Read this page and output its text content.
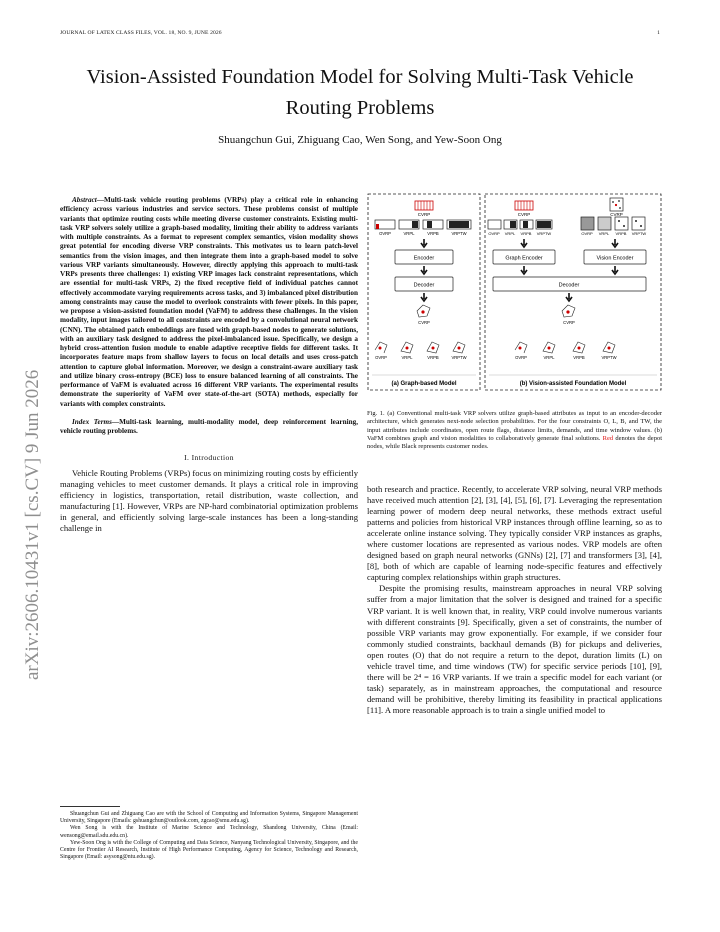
JOURNAL OF LATEX CLASS FILES, VOL. 18, NO. 9, JUNE 2026	1
Vision-Assisted Foundation Model for Solving Multi-Task Vehicle Routing Problems
Shuangchun Gui, Zhiguang Cao, Wen Song, and Yew-Soon Ong
arXiv:2606.10431v1 [cs.CV] 9 Jun 2026

Abstract—Multi-task vehicle routing problems (VRPs) play a critical role in enhancing efficiency across various industries and service sectors. These problems consist of multiple variants that optimize routing costs while meeting diverse customer constraints. Existing multi-task VRP solvers solely utilize a graph-based modality, limiting their ability to address variants with multiple constraints. As a format to represent complex semantics, vision modality shows great potential for encoding diverse VRP constraints. This motivates us to learn patch-level semantics from the vision images, and then integrate them into a graph-based model to solve various VRP variants simultaneously. However, directly applying this approach to multi-task VRPs presents three challenges: 1) existing VRP images lack constraint representations, which are essential for multi-task VRPs, 2) the fixed receptive field of individual patches cannot effectively accommodate varying requirements across tasks, and 3) imbalanced pixel distribution among constraints may cause the model to overlook constraints with fewer pixels. In this paper, we propose a vision-assisted foundation model (VaFM) to address these challenges. In the vision modality, input images tailored to all constraints are encoded by a convolutional neural network (CNN). The obtained patch embeddings are fused with graph-based nodes to generate solutions, with an auxiliary task designed to address the pixel-imbalanced issue. Specifically, we design a hybrid cross-attention fusion module to enable adaptive receptive fields for different tasks. It incorporates feature maps from shallow layers to focus on local details and uses cross-patch attention to capture global information. Moreover, we design a constraint-aware auxiliary task and utilize binary cross-entropy (BCE) loss to ensure balanced learning of all constraints. The performance of VaFM is evaluated across 16 different VRP variants. The experimental results demonstrate the superiority of VaFM over state-of-the-art (SOTA) methods, especially for variants with complex constraints.

Index Terms—Multi-task learning, multi-modality model, deep reinforcement learning, vehicle routing problems.

I. Introduction

Vehicle Routing Problems (VRPs) focus on minimizing routing costs by efficiently managing vehicles to meet customer demands. It plays a critical role in improving efficiency in logistics, transportation, retail distribution, waste collection, and manufacturing [1]. However, VRPs are NP-hard combinatorial optimization problems in general, and efficiently solving large-scale instances has been a long-standing challenge in

Shuangchun Gui and Zhiguang Cao are with the School of Computing and Information Systems, Singapore Management University, Singapore (Emails: gshuangchun@outlook.com, zgcao@smu.edu.sg).

Wen Song is with the Institute of Marine Science and Technology, Shandong University, China (Email: wensong@email.sdu.edu.cn).

Yew-Soon Ong is with the College of Computing and Data Science, Nanyang Technological University, Singapore, and the Centre for Frontier AI Research, Institute of High Performance Computing, Agency for Science, Technology and Research, Singapore (Email: asysong@ntu.edu.sg).

CVRP
OVRP	VRPL	VRPB	VRPTW
Encoder
Decoder
CVRP
OVRP	VRPL	VRPB	VRPTW
(a) Graph-based Model
CVRP	CVRP
OVRP VRPL VRPB VRPTW	OVRP VRPL VRPB VRPTW
Graph Encoder	Vision Encoder
Decoder
CVRP
OVRP	VRPL	VRPB	VRPTW
(b) Vision-assisted Foundation Model
Fig. 1. (a) Conventional multi-task VRP solvers utilize graph-based attributes as input to an encoder-decoder architecture, which generates next-node selection probabilities. For the four constraints O, L, B, and TW, the input attributes include coordinates, open route flags, distance limits, demands, and time window values. (b) VaFM combines graph and vision modalities to collaboratively generate final solutions. Red denotes the depot nodes, while Black represents customer nodes.

both research and practice. Recently, to accelerate VRP solving, neural VRP methods have received much attention [2], [3], [4], [5], [6], [7]. Leveraging the representation learning power of modern deep neural networks, these methods extract useful patterns and policies from historical VRP instances through offline learning, so as to accelerate online instance solving. They typically consider VRP instances as graphs, where customer locations are represented as various nodes. VRP models are often designed based on graph neural networks (GNNs) [2], [7] and transformers [3], [4], [8], both of which are capable of learning node-specific features and effectively capturing complex relationships within graph structures.

Despite the promising results, mainstream approaches in neural VRP solving suffer from a major limitation that the solver is designed and trained for a specific VRP variant. It is well known that, in reality, VRP could involve numerous variants with different constraints [9]. Specifically, given a set of constraints, the number of possible VRP variants may grow exponentially. For example, if we consider four commonly studied constraints, backhaul demands (B) for pickups and deliveries, open routes (O) that do not require a return to the depot, duration limits (L) on vehicle travel time, and time windows (TW) for specific service periods [10], [9], there will be 2⁴ = 16 VRP variants. If we train a specific model for each variant (or task) separately, as in mainstream approaches, the computational and resource demand will be prohibitive, thereby limiting its feasibility in practical applications [11]. A more reasonable approach is to train a single unified model to
